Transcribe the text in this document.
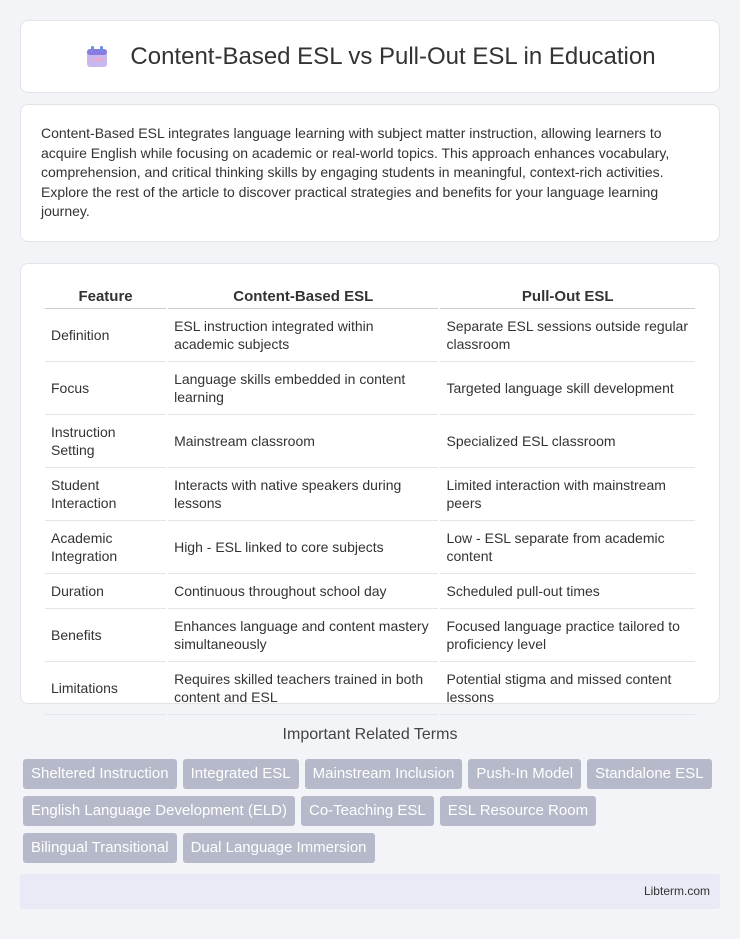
Content-Based ESL vs Pull-Out ESL in Education

Content-Based ESL integrates language learning with subject matter instruction, allowing learners to acquire English while focusing on academic or real-world topics. This approach enhances vocabulary, comprehension, and critical thinking skills by engaging students in meaningful, context-rich activities. Explore the rest of the article to discover practical strategies and benefits for your language learning journey.

Feature	Content-Based ESL	Pull-Out ESL
Definition	ESL instruction integrated within academic subjects	Separate ESL sessions outside regular classroom
Focus	Language skills embedded in content learning	Targeted language skill development
Instruction Setting	Mainstream classroom	Specialized ESL classroom
Student Interaction	Interacts with native speakers during lessons	Limited interaction with mainstream peers
Academic Integration	High - ESL linked to core subjects	Low - ESL separate from academic content
Duration	Continuous throughout school day	Scheduled pull-out times
Benefits	Enhances language and content mastery simultaneously	Focused language practice tailored to proficiency level
Limitations	Requires skilled teachers trained in both content and ESL	Potential stigma and missed content lessons
Important Related Terms
Sheltered Instruction	Integrated ESL	Mainstream Inclusion	Push-In Model	Standalone ESL
English Language Development (ELD)	Co-Teaching ESL	ESL Resource Room
Bilingual Transitional	Dual Language Immersion
Libterm.com
